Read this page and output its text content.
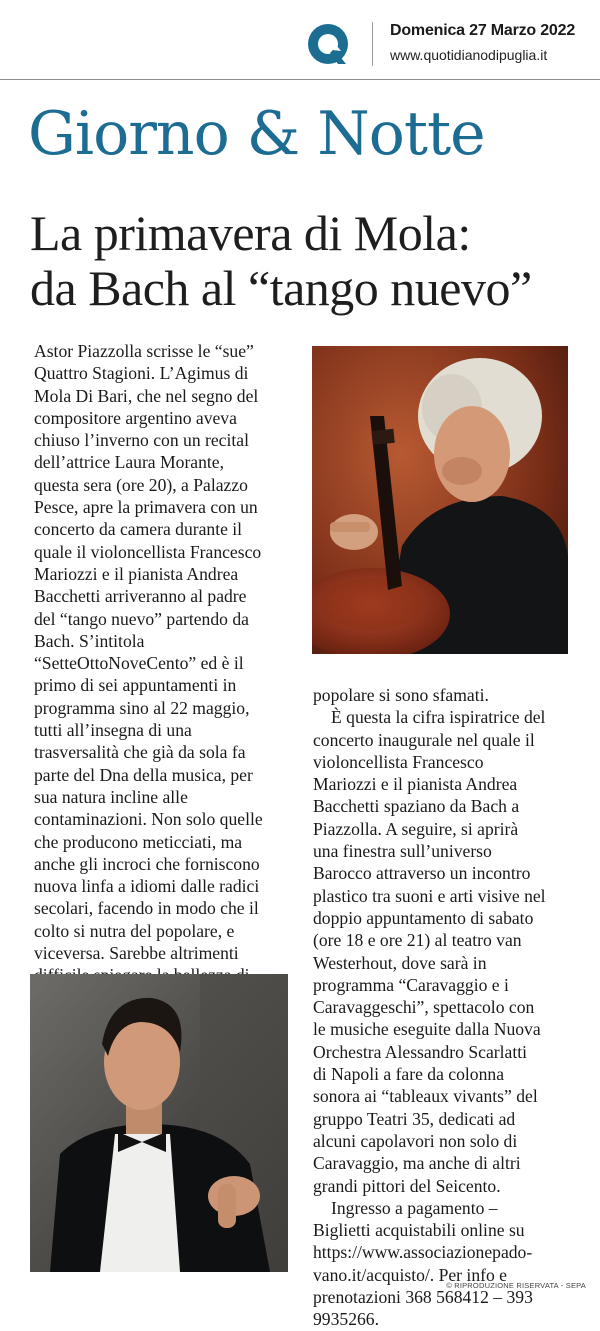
Domenica 27 Marzo 2022
www.quotidianodipuglia.it
Giorno & Notte
La primavera di Mola:
da Bach al “tango nuevo”
Astor Piazzolla scrisse le “sue”
Quattro Stagioni. L’Agimus di
Mola Di Bari, che nel segno del
compositore argentino aveva
chiuso l’inverno con un recital
dell’attrice Laura Morante,
questa sera (ore 20), a Palazzo
Pesce, apre la primavera con un
concerto da camera durante il
quale il violoncellista Francesco
Mariozzi e il pianista Andrea
Bacchetti arriveranno al padre
del “tango nuevo” partendo da
Bach. S’intitola
“SetteOttoNoveCento” ed è il
primo di sei appuntamenti in
programma sino al 22 maggio,
tutti all’insegna di una
trasversalità che già da sola fa
parte del Dna della musica, per
sua natura incline alle
contaminazioni. Non solo quelle
che producono meticciati, ma
anche gli incroci che forniscono
nuova linfa a idiomi dalle radici
secolari, facendo in modo che il
colto si nutra del popolare, e
viceversa. Sarebbe altrimenti
popolare si sono sfamati.
È questa la cifra ispiratrice del
concerto inaugurale nel quale il
violoncellista Francesco
Mariozzi e il pianista Andrea
Bacchetti spaziano da Bach a
Piazzolla. A seguire, si aprirà
una finestra sull’universo
Barocco attraverso un incontro
plastico tra suoni e arti visive nel
doppio appuntamento di sabato
(ore 18 e ore 21) al teatro van
Westerhout, dove sarà in
programma “Caravaggio e i
Caravaggeschi”, spettacolo con
le musiche eseguite dalla Nuova
Orchestra Alessandro Scarlatti
di Napoli a fare da colonna
sonora ai “tableaux vivants” del
gruppo Teatri 35, dedicati ad
alcuni capolavori non solo di
Caravaggio, ma anche di altri
grandi pittori del Seicento.
Ingresso a pagamento –
Biglietti acquistabili online su
https://www.associazionepado-
vano.it/acquisto/. Per info e
prenotazioni 368 568412 – 393
9935266.
© RIPRODUZIONE RISERVATA - SEPA
